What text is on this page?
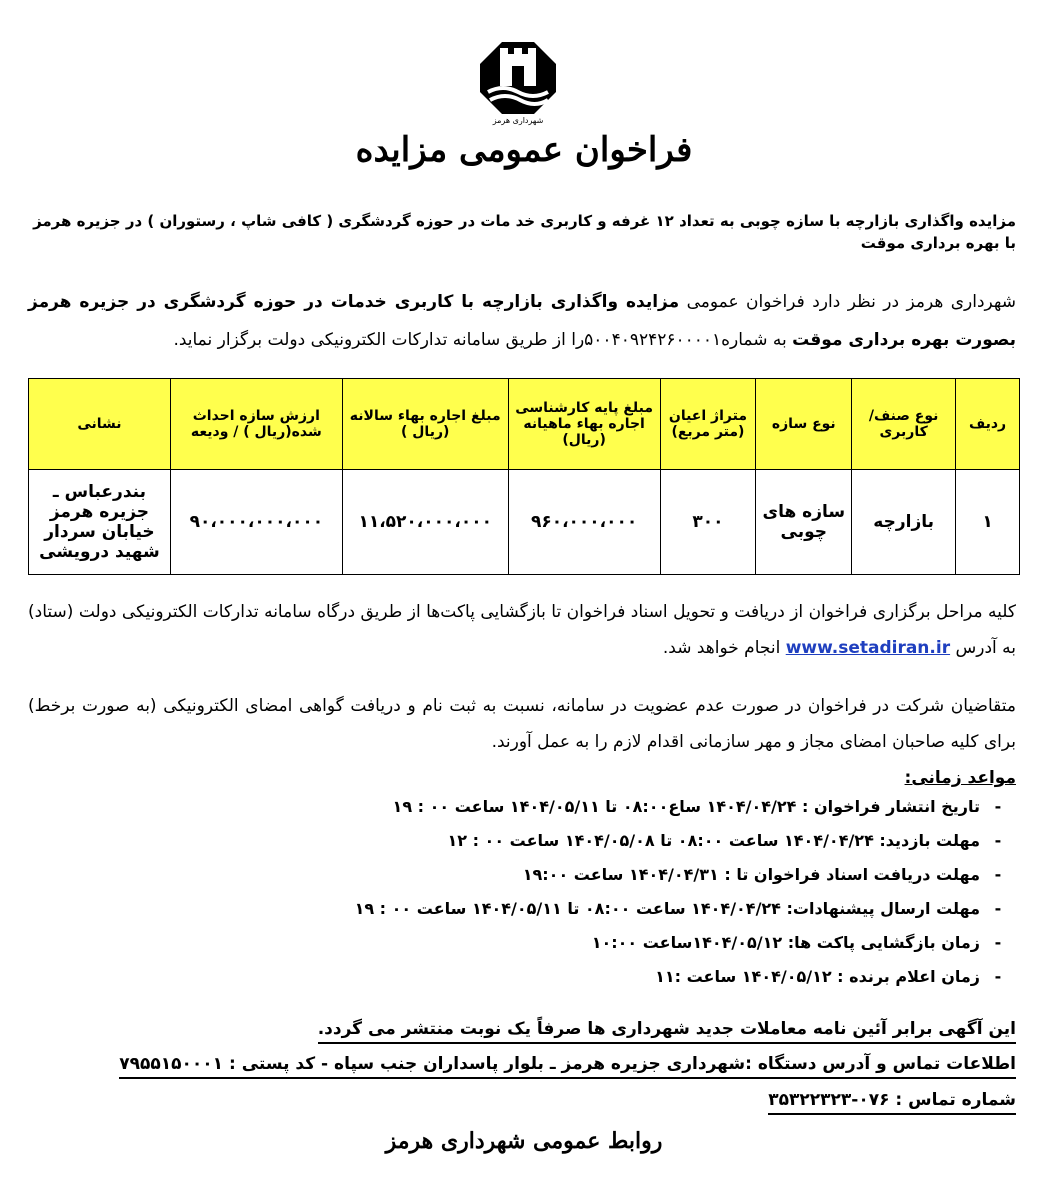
شهرداری هرمز
فراخوان عمومی مزایده
مزایده واگذاری بازارچه با سازه چوبی به تعداد ۱۲ غرفه و کاربری خد مات در حوزه گردشگری ( کافی شاپ ، رستوران ) در جزیره هرمز با بهره برداری موقت
شهرداری هرمز در نظر دارد فراخوان عمومی مزایده واگذاری بازارچه با کاربری خدمات در حوزه گردشگری در جزیره هرمز بصورت بهره برداری موقت به شماره۵۰۰۴۰۹۲۴۲۶۰۰۰۰۱را از طریق سامانه تدارکات الکترونیکی دولت برگزار نماید.
ردیف	نوع صنف/کاربری	نوع سازه	متراژ اعیان (متر مربع)	مبلغ پایه کارشناسی اجاره بهاء ماهیانه (ریال)	مبلغ اجاره بهاء سالانه (ریال )	ارزش سازه احداث شده(ریال ) / ودیعه	نشانی
۱	بازارچه	سازه های چوبی	۳۰۰	۹۶۰،۰۰۰،۰۰۰	۱۱،۵۲۰،۰۰۰،۰۰۰	۹۰،۰۰۰،۰۰۰،۰۰۰	بندرعباس ـ جزیره هرمز خیابان سردار شهید درویشی
کلیه مراحل برگزاری فراخوان از دریافت و تحویل اسناد فراخوان تا بازگشایی پاکت‌ها از طریق درگاه سامانه تدارکات الکترونیکی دولت (ستاد) به آدرس www.setadiran.ir انجام خواهد شد.
متقاضیان شرکت در فراخوان در صورت عدم عضویت در سامانه، نسبت به ثبت نام و دریافت گواهی امضای الکترونیکی (به صورت برخط) برای کلیه صاحبان امضای مجاز و مهر سازمانی اقدام لازم را به عمل آورند.
مواعد زمانی:
-
تاریخ انتشار فراخوان : ۱۴۰۴/۰۴/۲۴ ساع۰۸:۰۰ تا ۱۴۰۴/۰۵/۱۱ ساعت ۰۰ : ۱۹
-
مهلت بازدید: ۱۴۰۴/۰۴/۲۴ ساعت ۰۸:۰۰ تا ۱۴۰۴/۰۵/۰۸ ساعت ۰۰ : ۱۲
-
مهلت دریافت اسناد فراخوان تا : ۱۴۰۴/۰۴/۳۱ ساعت ۱۹:۰۰
-
مهلت ارسال پیشنهادات: ۱۴۰۴/۰۴/۲۴ ساعت ۰۸:۰۰ تا ۱۴۰۴/۰۵/۱۱ ساعت ۰۰ : ۱۹
-
زمان بازگشایی پاکت ها: ۱۴۰۴/۰۵/۱۲ساعت ۱۰:۰۰
-
زمان اعلام برنده : ۱۴۰۴/۰۵/۱۲ ساعت :۱۱
این آگهی برابر آئین نامه معاملات جدید شهرداری ها صرفاً یک نوبت منتشر می گردد.
اطلاعات تماس و آدرس دستگاه :شهرداری جزیره هرمز ـ بلوار پاسداران جنب سپاه - کد پستی : ۷۹۵۵۱۵۰۰۰۱
شماره تماس : ۰۷۶-۳۵۳۲۲۳۲۳
روابط عمومی شهرداری هرمز
